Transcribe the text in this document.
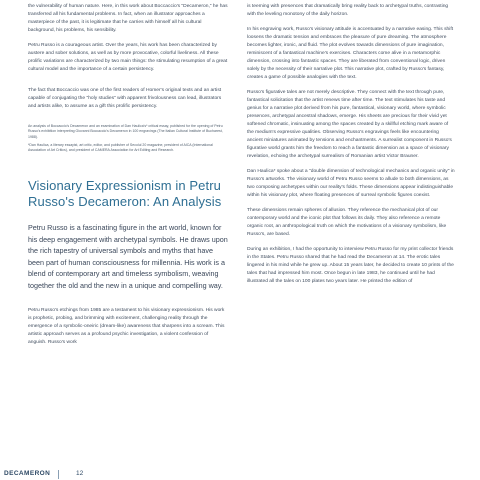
the vulnerability of human nature. Here, in this work about Boccaccio's "Decameron," he has transferred all his fundamental problems. In fact, when an illustrator approaches a masterpiece of the past, it is legitimate that he carries with himself all his cultural background, his problems, his sensibility.

Petru Russo is a courageous artist. Over the years, his work has been characterized by austere and sober solutions, as well as by more provocative, colorful liveliness. All these prolific variations are characterized by two main things: the stimulating resumption of a great cultural model and the importance of a certain persistency.

The fact that Boccaccio was one of the first readers of Homer's original texts and an artist capable of conjugating the "holy studies" with apparent frivolousness can lead, illustrators and artists alike, to assume as a gift this prolific persistency.

An analysis of Boccaccio's Decameron and an examination of Dan Haulica's* critical essay, published for the opening of Petru Russo's exhibition interpreting Giovanni Boccaccio's Decameron in 100 engravings (The Italian Cultural Institute of Bucharest, 1988).

*Dan Haulica, a literary essayist, art critic, editor, and publisher of Secolul 20 magazine, president of AICA (International Association of Art Critics), and president of CAMERA Association for Art Editing and Research.

Visionary Expressionism in Petru Russo's Decameron: An Analysis

Petru Russo is a fascinating figure in the art world, known for his deep engagement with archetypal symbols. He draws upon the rich tapestry of universal symbols and myths that have been part of human consciousness for millennia. His work is a blend of contemporary art and timeless symbolism, weaving together the old and the new in a unique and compelling way.

Petru Russo's etchings from 1985 are a testament to his visionary expressionism. His work is prophetic, probing, and brimming with excitement, challenging reality through the emergence of a symbolic-oneiric (dream-like) awareness that sharpens into a scream. This artistic approach serves as a profound psychic investigation, a violent confession of anguish. Russo's work

is teeming with presences that dramatically bring reality back to archetypal truths, contrasting with the leveling monotony of the daily horizon.

In his engraving work, Russo's visionary attitude is accentuated by a narrative easing. This shift loosens the dramatic tension and embraces the pleasure of pure dreaming. The atmosphere becomes lighter, ironic, and fluid. The plot evolves towards dimensions of pure imagination, reminiscent of a fantastical machine's exercises. Characters come alive in a metamorphic dimension, crossing into fantastic spaces. They are liberated from conventional logic, driven solely by the necessity of their narrative plot. This narrative plot, crafted by Russo's fantasy, creates a game of possible analogies with the text.

Russo's figurative tales are not merely descriptive. They connect with the text through pure, fantastical solicitation that the artist renews time after time. The text stimulates his taste and genius for a narrative plot derived from his pure, fantastical, visionary world, where symbolic presences, archetypal ancestral shadows, emerge. His sheets are precious for their vivid yet softened chromatic, insinuating among the spaces created by a skillful etching mark aware of the medium's expressive qualities. Observing Russo's engravings feels like encountering ancient miniatures animated by tensions and enchantments. A surrealist component in Russo's figurative world grants him the freedom to reach a fantastic dimension as a space of visionary revelation, echoing the archetypal surrealism of Romanian artist Victor Brauner.

Dan Haulica* spoke about a "double dimension of technological mechanics and organic unity" in Russo's artworks. The visionary world of Petru Russo seems to allude to both dimensions, as two composing archetypes within our reality's folds. These dimensions appear indistinguishable within his visionary plot, where floating presences of surreal symbolic figures coexist.

These dimensions remain spheres of allusion. They reference the mechanical plot of our contemporary world and the iconic plot that follows its daily. They also reference a remote organic root, an anthropological truth on which the motivations of a visionary symbolism, like Russo's, are based.

During an exhibition, I had the opportunity to interview Petru Russo for my print collector friends in the States. Petru Russo shared that he had read the Decameron at 14. The erotic tales lingered in his mind while he grew up. About 15 years later, he decided to create 10 prints of the tales that had impressed him most. Once begun in late 1983, he continued until he had illustrated all the tales on 100 plates two years later. He printed the edition of

DECAMERON	12
